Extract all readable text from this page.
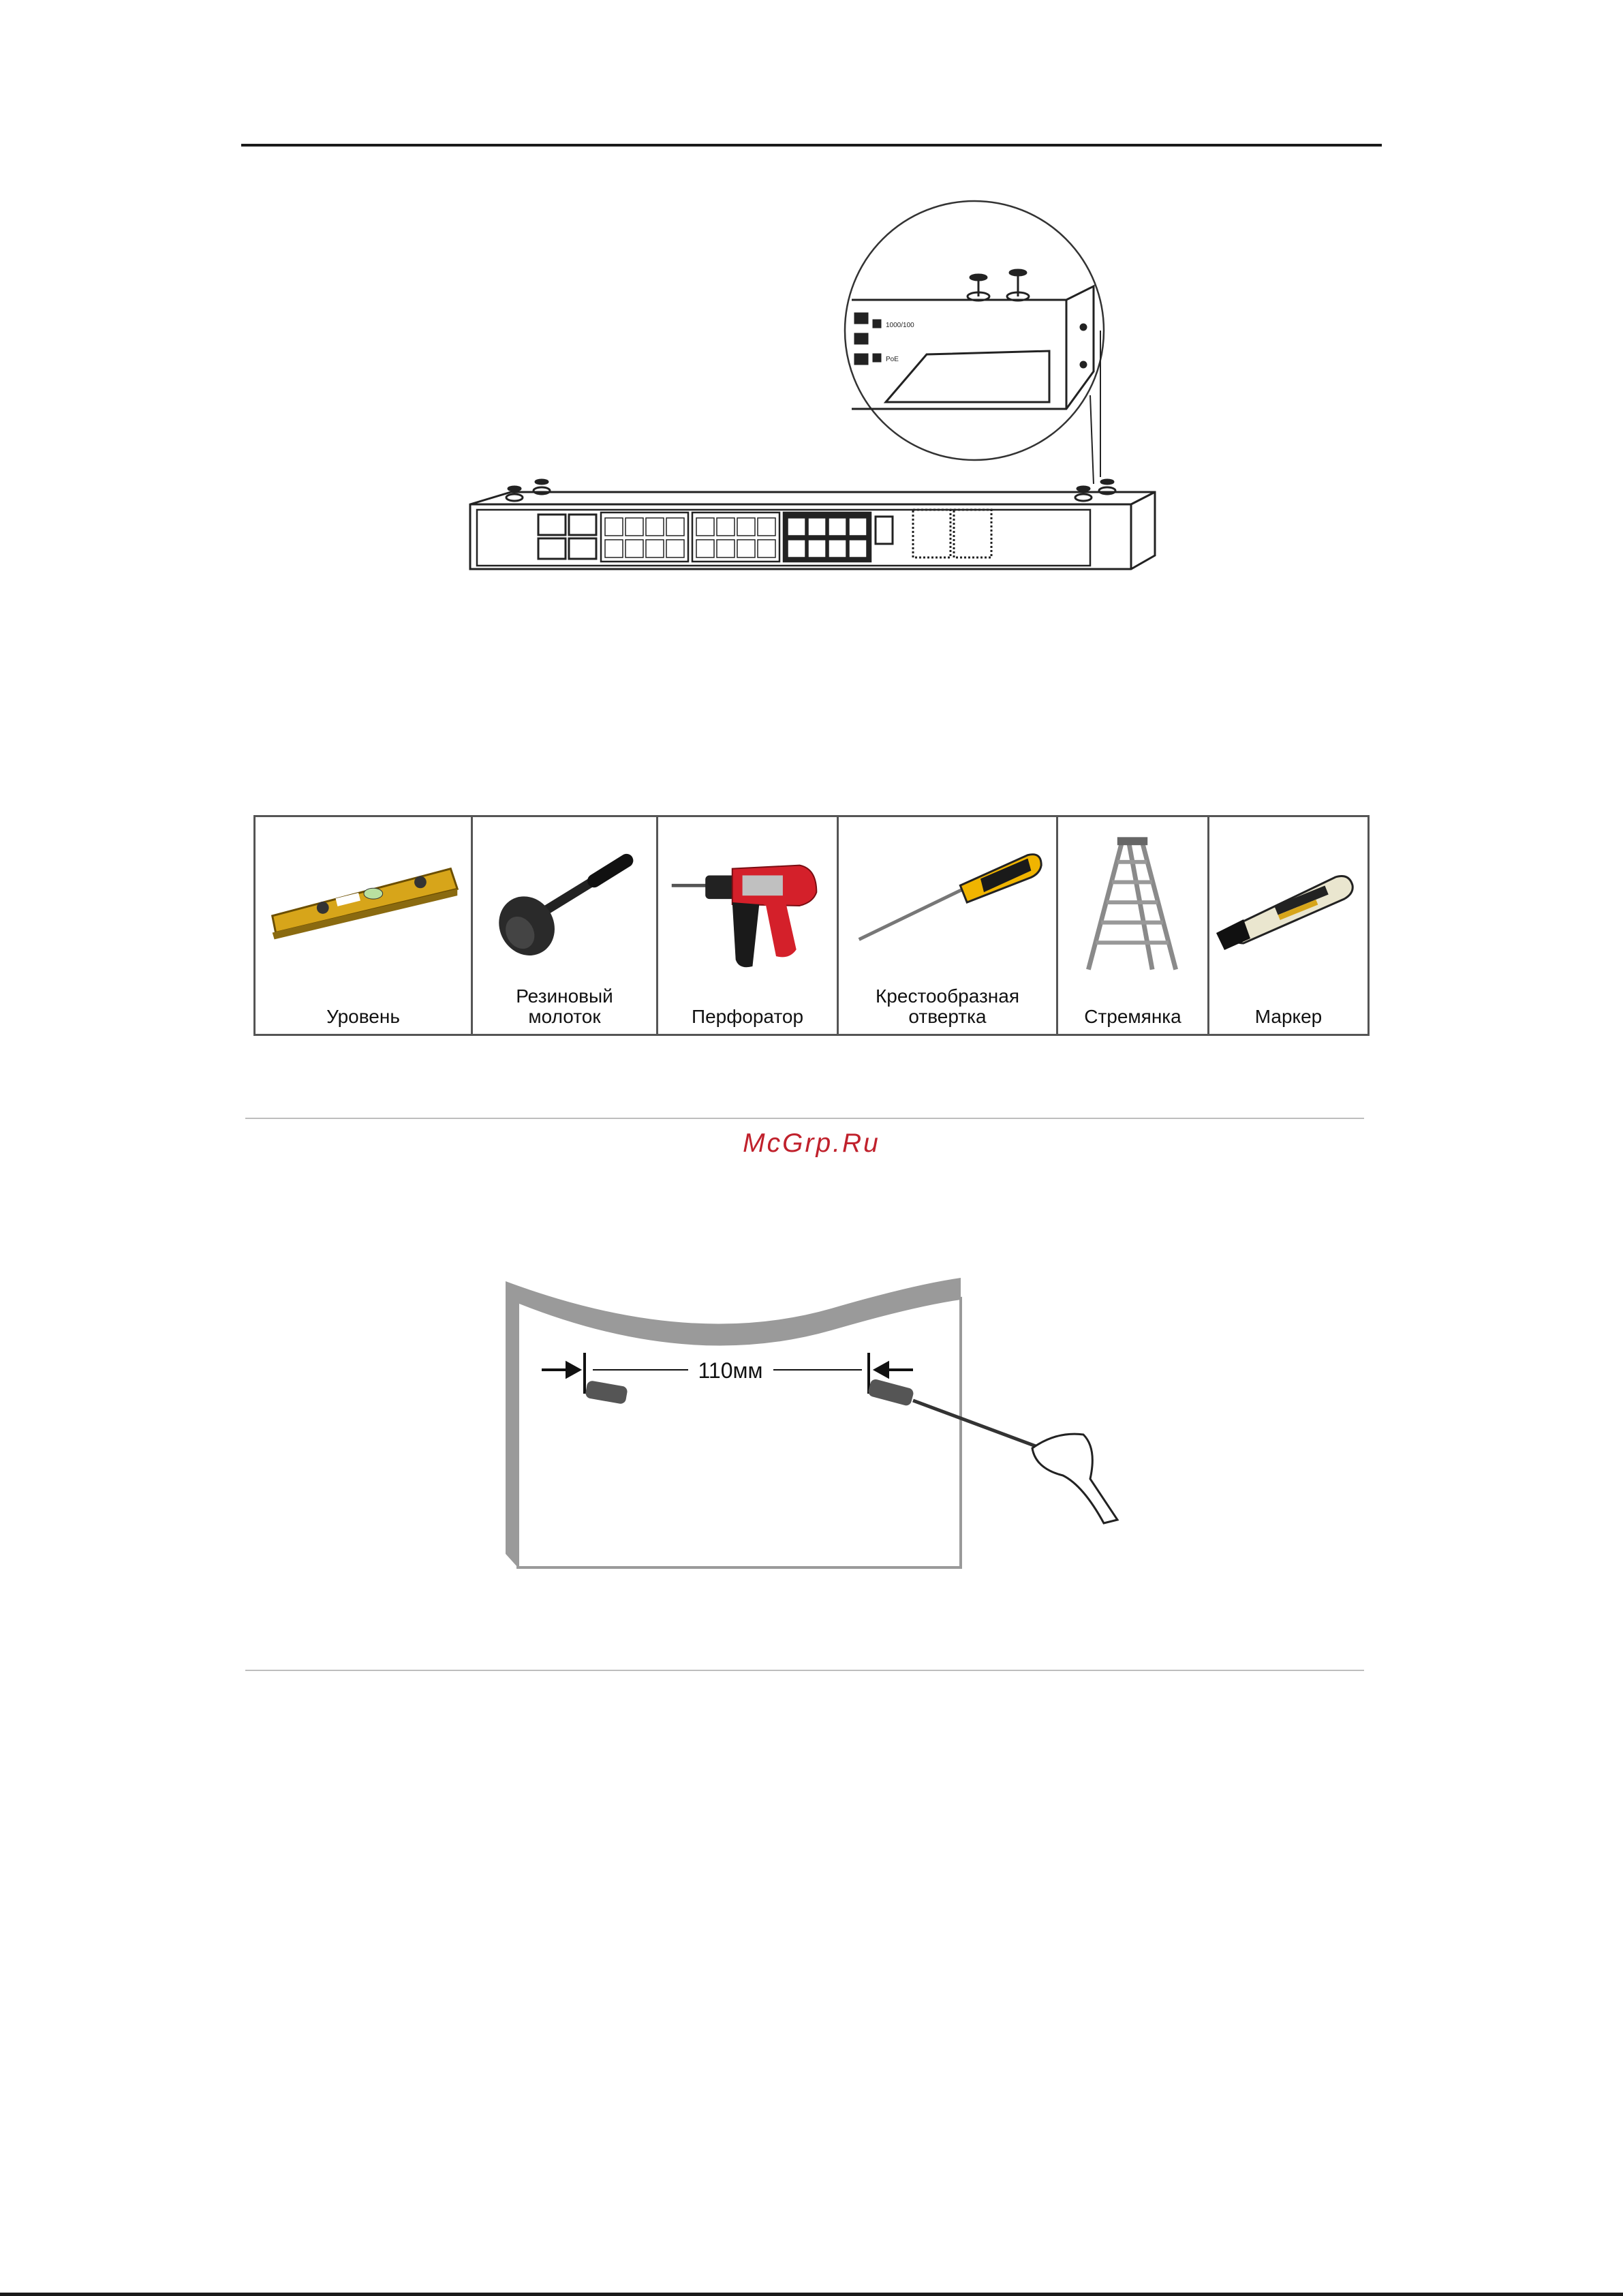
1000/100
PoE
Уровень
Резиновый
молоток	Перфоратор
Крестообразная
отвертка	Стремянка	Маркер
McGrp.Ru
110мм
